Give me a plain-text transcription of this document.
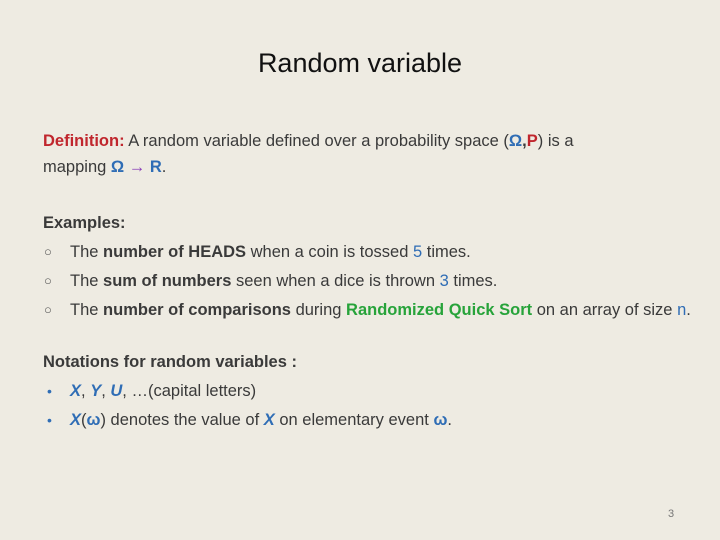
Random variable
Definition: A random variable defined over a probability space (Ω,P) is a
mapping Ω → R.
Examples:
○ The number of HEADS when a coin is tossed 5 times.
○ The sum of numbers seen when a dice is thrown 3 times.
○ The number of comparisons during Randomized Quick Sort on an array of size n.
Notations for random variables :
• X, Y, U, …(capital letters)
• X(ω) denotes the value of X on elementary event ω.
3
